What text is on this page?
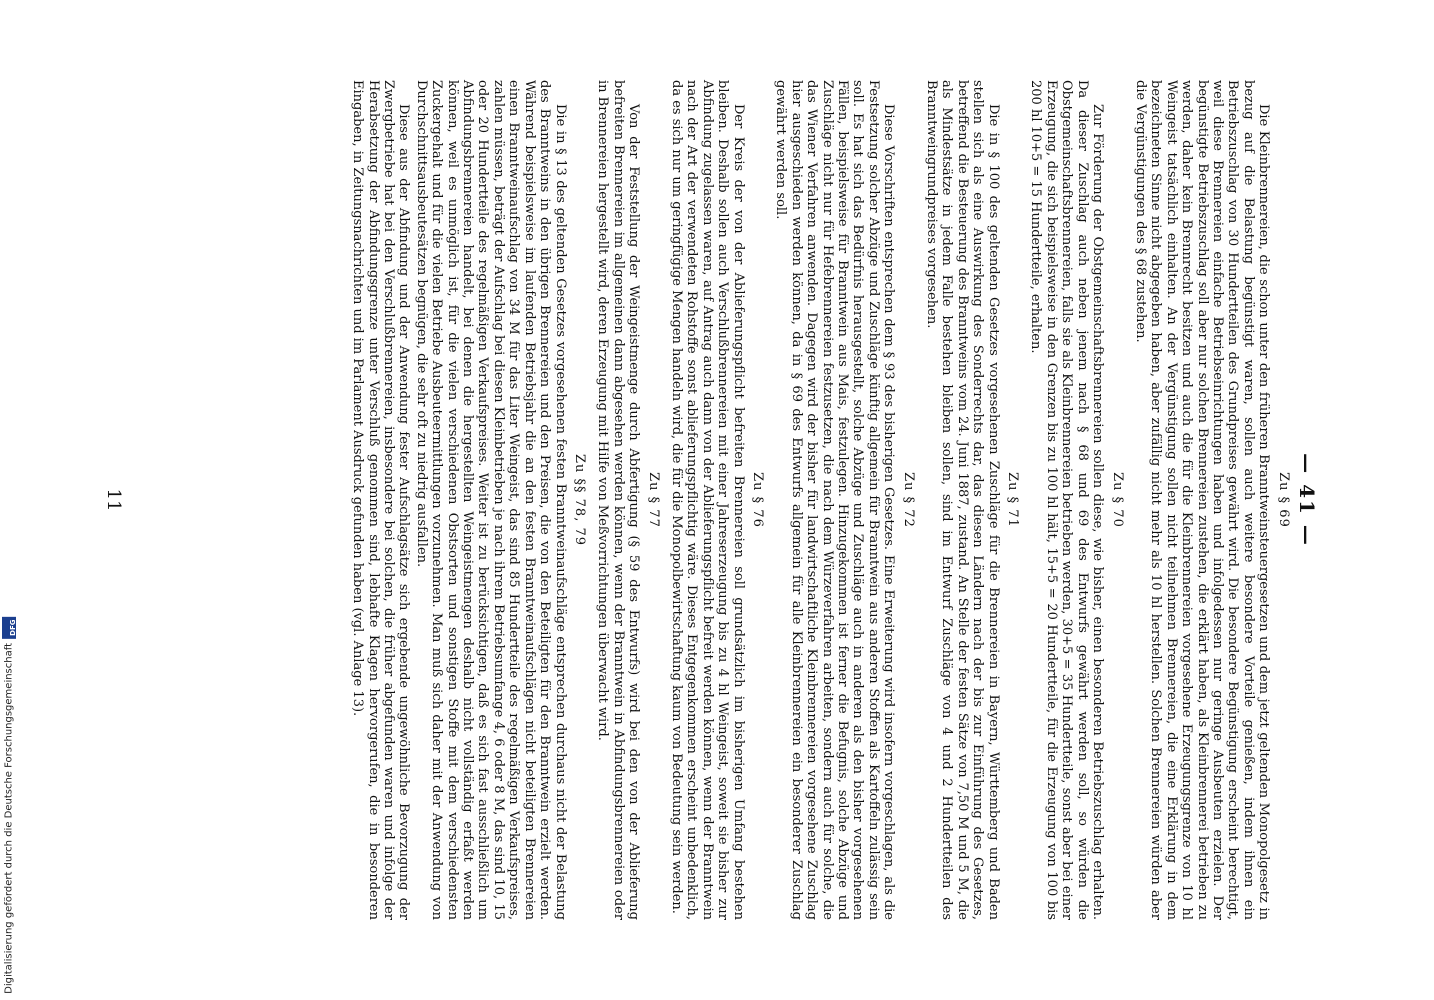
— 41 —
Zu § 69

Die Kleinbrennereien, die schon unter den früheren Branntweinsteuergesetzen und dem jetzt geltenden Monopolgesetz in bezug auf die Belastung begünstigt waren, sollen auch weitere besondere Vorteile genießen, indem ihnen ein Betriebszuschlag von 30 Hundertteilen des Grundpreises gewährt wird. Die besondere Begünstigung erscheint berechtigt, weil diese Brennereien einfache Betriebseinrichtungen haben und infolgedessen nur geringe Ausbeuten erzielen. Der begünstigte Betriebszuschlag soll aber nur solchen Brennereien zustehen, die erklärt haben, als Kleinbrennerei betrieben zu werden, daher kein Brennrecht besitzen und auch die für die Kleinbrennereien vorgesehene Erzeugungsgrenze von 10 hl Weingeist tatsächlich einhalten. An der Vergünstigung sollen nicht teilnehmen Brennereien, die eine Erklärung in dem bezeichneten Sinne nicht abgegeben haben, aber zufällig nicht mehr als 10 hl herstellen. Solchen Brennereien würden aber die Vergünstigungen des § 68 zustehen.

Zu § 70

Zur Förderung der Obstgemeinschaftsbrennereien sollen diese, wie bisher, einen besonderen Betriebszuschlag erhalten. Da dieser Zuschlag auch neben jenem nach § 68 und 69 des Entwurfs gewährt werden soll, so würden die Obstgemeinschaftsbrennereien, falls sie als Kleinbrennereien betrieben werden, 30+5 = 35 Hundertteile, sonst aber bei einer Erzeugung, die sich beispielsweise in den Grenzen bis zu 100 hl hält, 15+5 = 20 Hundertteile, für die Erzeugung von 100 bis 200 hl 10+5 = 15 Hundertteile, erhalten.

Zu § 71

Die in § 100 des geltenden Gesetzes vorgesehenen Zuschläge für die Brennereien in Bayern, Württemberg und Baden stellen sich als eine Auswirkung des Sonderrechts dar, das diesen Ländern nach der bis zur Einführung des Gesetzes, betreffend die Besteuerung des Branntweins vom 24. Juni 1887, zustand. An Stelle der festen Sätze von 7,50 M und 5 M, die als Mindestsätze in jedem Falle bestehen bleiben sollen, sind im Entwurf Zuschläge von 4 und 2 Hundertteilen des Branntweingrundpreises vorgesehen.

Zu § 72

Diese Vorschriften entsprechen dem § 93 des bisherigen Gesetzes. Eine Erweiterung wird insofern vorgeschlagen, als die Festsetzung solcher Abzüge und Zuschläge künftig allgemein für Branntwein aus anderen Stoffen als Kartoffeln zulässig sein soll. Es hat sich das Bedürfnis herausgestellt, solche Abzüge und Zuschläge auch in anderen als den bisher vorgesehenen Fällen, beispielsweise für Branntwein aus Mais, festzulegen. Hinzugekommen ist ferner die Befugnis, solche Abzüge und Zuschläge nicht nur für Hefebrennereien festzusetzen, die nach dem Würzeverfahren arbeiten, sondern auch für solche, die das Wiener Verfahren anwenden. Dagegen wird der bisher für landwirtschaftliche Kleinbrennereien vorgesehene Zuschlag hier ausgeschieden werden können, da in § 69 des Entwurfs allgemein für alle Kleinbrennereien ein besonderer Zuschlag gewährt werden soll.

Zu § 76

Der Kreis der von der Ablieferungspflicht befreiten Brennereien soll grundsätzlich im bisherigen Umfang bestehen bleiben. Deshalb sollen auch Verschlußbrennereien mit einer Jahreserzeugung bis zu 4 hl Weingeist, soweit sie bisher zur Abfindung zugelassen waren, auf Antrag auch dann von der Ablieferungspflicht befreit werden können, wenn der Branntwein nach der Art der verwendeten Rohstoffe sonst ablieferungspflichtig wäre. Dieses Entgegenkommen erscheint unbedenklich, da es sich nur um geringfügige Mengen handeln wird, die für die Monopolbewirtschaftung kaum von Bedeutung sein werden.

Zu § 77

Von der Feststellung der Weingeistmenge durch Abfertigung (§ 59 des Entwurfs) wird bei den von der Ablieferung befreiten Brennereien im allgemeinen dann abgesehen werden können, wenn der Branntwein in Abfindungsbrennereien oder in Brennereien hergestellt wird, deren Erzeugung mit Hilfe von Meßvorrichtungen überwacht wird.

Zu §§ 78, 79

Die in § 13 des geltenden Gesetzes vorgesehenen festen Branntweinaufschläge entsprechen durchaus nicht der Belastung des Branntweins in den übrigen Brennereien und den Preisen, die von den Beteiligten für den Branntwein erzielt werden. Während beispielsweise im laufenden Betriebsjahr die an den festen Branntweinaufschlägen nicht beteiligten Brennereien einen Branntweinaufschlag von 34 M für das Liter Weingeist, das sind 85 Hundertteile des regelmäßigen Verkaufspreises, zahlen müssen, beträgt der Aufschlag bei diesen Kleinbetrieben je nach ihrem Betriebsumfange 4, 6 oder 8 M, das sind 10, 15 oder 20 Hundertteile des regelmäßigen Verkaufspreises. Weiter ist zu berücksichtigen, daß es sich fast ausschließlich um Abfindungsbrennereien handelt, bei denen die hergestellten Weingeistmengen deshalb nicht vollständig erfaßt werden können, weil es unmöglich ist, für die vielen verschiedenen Obstsorten und sonstigen Stoffe mit dem verschiedensten Zuckergehalt und für die vielen Betriebe Ausbeuteermittlungen vorzunehmen. Man muß sich daher mit der Anwendung von Durchschnittsausbeutesätzen begnügen, die sehr oft zu niedrig ausfallen.

Diese aus der Abfindung und der Anwendung fester Aufschlagsätze sich ergebende ungewöhnliche Bevorzugung der Zwergbetriebe hat bei den Verschlußbrennereien, insbesondere bei solchen, die früher abgefunden waren und infolge der Herabsetzung der Abfindungsgrenze unter Verschluß genommen sind, lebhafte Klagen hervorgerufen, die in besonderen Eingaben, in Zeitungsnachrichten und im Parlament Ausdruck gefunden haben (vgl. Anlage 13).

11
Digitalisierung gefördert durch die Deutsche Forschungsgemeinschaft
DFG
